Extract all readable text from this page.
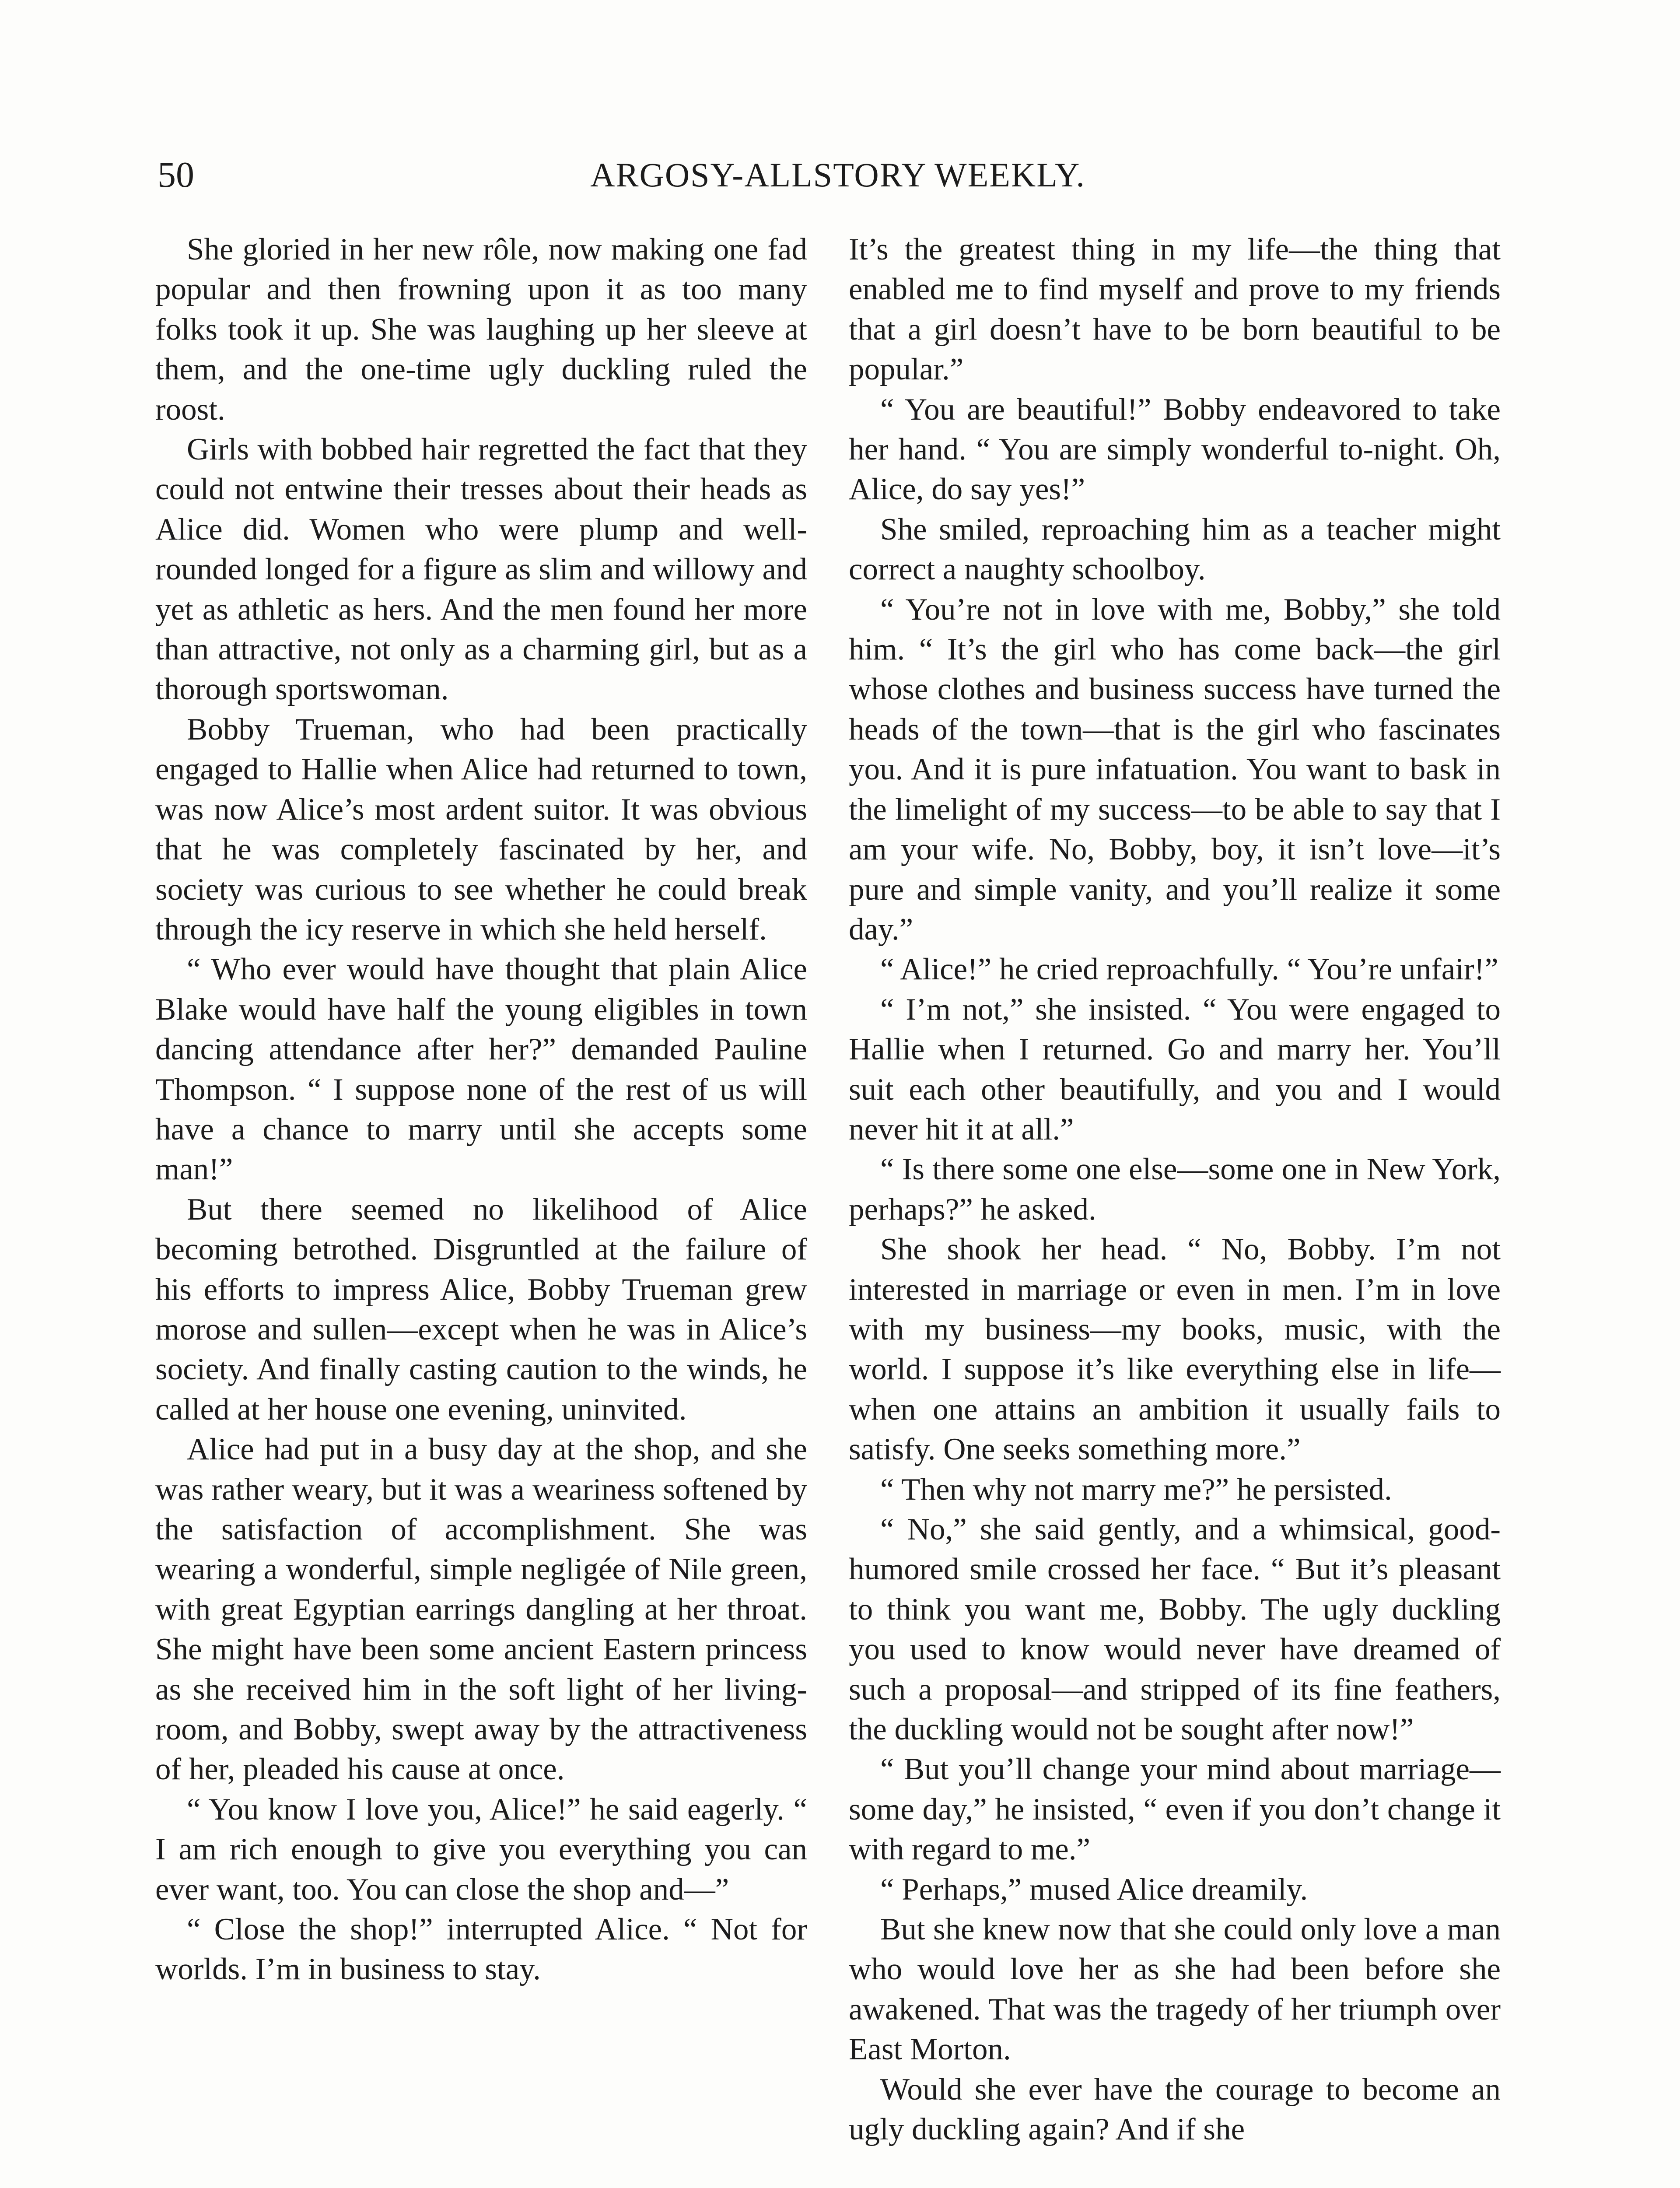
50	ARGOSY-ALLSTORY WEEKLY.

She gloried in her new rôle, now making one fad popular and then frowning upon it as too many folks took it up. She was laughing up her sleeve at them, and the one-time ugly duckling ruled the roost.

Girls with bobbed hair regretted the fact that they could not entwine their tresses about their heads as Alice did. Women who were plump and well-rounded longed for a figure as slim and willowy and yet as athletic as hers. And the men found her more than attractive, not only as a charming girl, but as a thorough sportswoman.

Bobby Trueman, who had been practically engaged to Hallie when Alice had returned to town, was now Alice’s most ardent suitor. It was obvious that he was completely fascinated by her, and society was curious to see whether he could break through the icy reserve in which she held herself.

“ Who ever would have thought that plain Alice Blake would have half the young eligibles in town dancing attendance after her?” demanded Pauline Thompson. “ I suppose none of the rest of us will have a chance to marry until she accepts some man!”

But there seemed no likelihood of Alice becoming betrothed. Disgruntled at the failure of his efforts to impress Alice, Bobby Trueman grew morose and sullen—except when he was in Alice’s society. And finally casting caution to the winds, he called at her house one evening, uninvited.

Alice had put in a busy day at the shop, and she was rather weary, but it was a weariness softened by the satisfaction of accomplishment. She was wearing a wonderful, simple negligée of Nile green, with great Egyptian earrings dangling at her throat. She might have been some ancient Eastern princess as she received him in the soft light of her living-room, and Bobby, swept away by the attractiveness of her, pleaded his cause at once.

“ You know I love you, Alice!” he said eagerly. “ I am rich enough to give you everything you can ever want, too. You can close the shop and—”

“ Close the shop!” interrupted Alice. “ Not for worlds. I’m in business to stay.

It’s the greatest thing in my life—the thing that enabled me to find myself and prove to my friends that a girl doesn’t have to be born beautiful to be popular.”

“ You are beautiful!” Bobby endeavored to take her hand. “ You are simply wonderful to-night. Oh, Alice, do say yes!”

She smiled, reproaching him as a teacher might correct a naughty schoolboy.

“ You’re not in love with me, Bobby,” she told him. “ It’s the girl who has come back—the girl whose clothes and business success have turned the heads of the town—that is the girl who fascinates you. And it is pure infatuation. You want to bask in the limelight of my success—to be able to say that I am your wife. No, Bobby, boy, it isn’t love—it’s pure and simple vanity, and you’ll realize it some day.”

“ Alice!” he cried reproachfully. “ You’re unfair!”

“ I’m not,” she insisted. “ You were engaged to Hallie when I returned. Go and marry her. You’ll suit each other beautifully, and you and I would never hit it at all.”

“ Is there some one else—some one in New York, perhaps?” he asked.

She shook her head. “ No, Bobby. I’m not interested in marriage or even in men. I’m in love with my business—my books, music, with the world. I suppose it’s like everything else in life—when one attains an ambition it usually fails to satisfy. One seeks something more.”

“ Then why not marry me?” he persisted.

“ No,” she said gently, and a whimsical, good-humored smile crossed her face. “ But it’s pleasant to think you want me, Bobby. The ugly duckling you used to know would never have dreamed of such a proposal—and stripped of its fine feathers, the duckling would not be sought after now!”

“ But you’ll change your mind about marriage—some day,” he insisted, “ even if you don’t change it with regard to me.”

“ Perhaps,” mused Alice dreamily.

But she knew now that she could only love a man who would love her as she had been before she awakened. That was the tragedy of her triumph over East Morton.

Would she ever have the courage to become an ugly duckling again? And if she
